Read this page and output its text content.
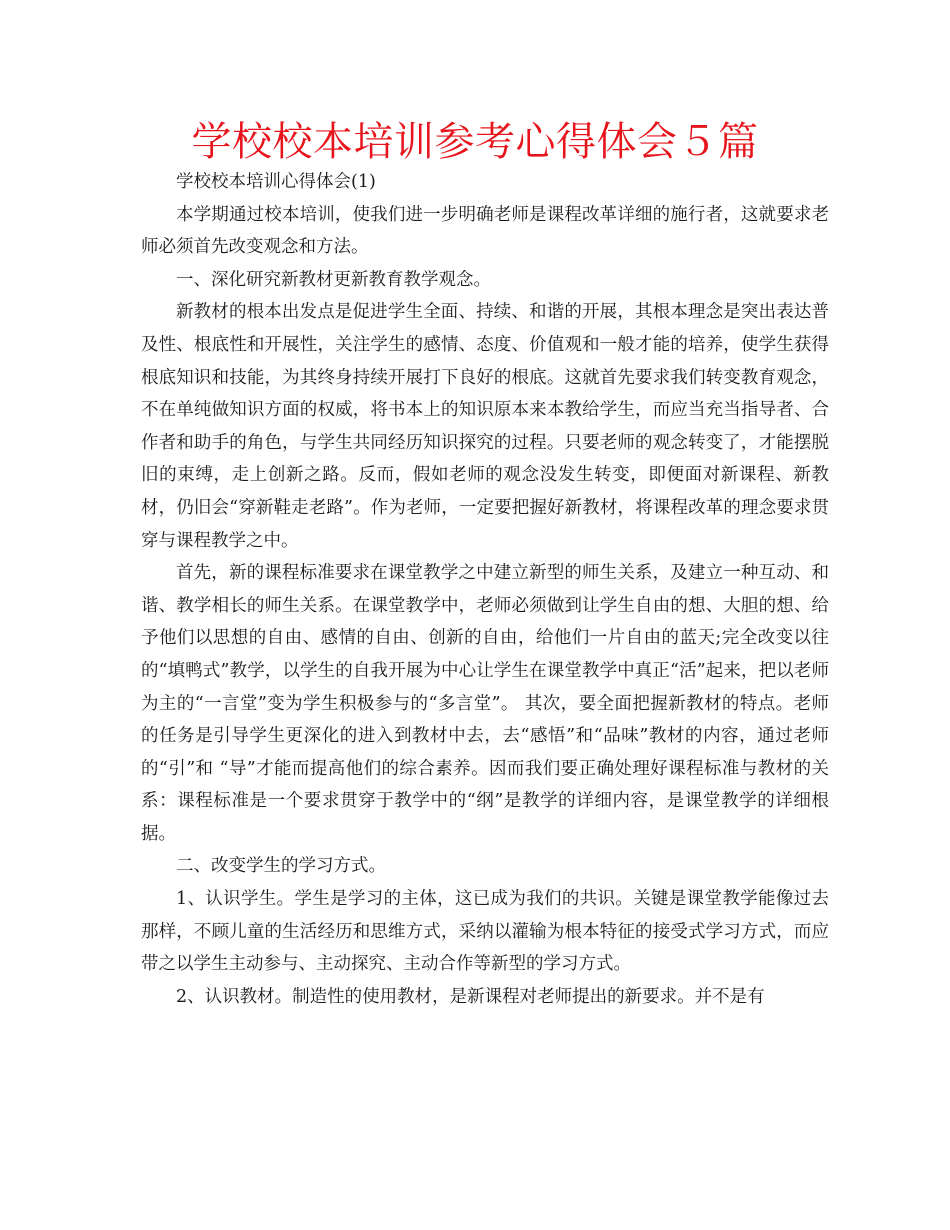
学校校本培训参考心得体会５篇

学校校本培训心得体会(1)

本学期通过校本培训，使我们进一步明确老师是课程改革详细的施行者，这就要求老师必须首先改变观念和方法。

一、深化研究新教材更新教育教学观念。

新教材的根本出发点是促进学生全面、持续、和谐的开展，其根本理念是突出表达普及性、根底性和开展性，关注学生的感情、态度、价值观和一般才能的培养，使学生获得根底知识和技能，为其终身持续开展打下良好的根底。这就首先要求我们转变教育观念，不在单纯做知识方面的权威，将书本上的知识原本来本教给学生，而应当充当指导者、合作者和助手的角色，与学生共同经历知识探究的过程。只要老师的观念转变了，才能摆脱旧的束缚，走上创新之路。反而，假如老师的观念没发生转变，即便面对新课程、新教材，仍旧会“穿新鞋走老路”。作为老师，一定要把握好新教材，将课程改革的理念要求贯穿与课程教学之中。

首先，新的课程标准要求在课堂教学之中建立新型的师生关系，及建立一种互动、和谐、教学相长的师生关系。在课堂教学中，老师必须做到让学生自由的想、大胆的想、给予他们以思想的自由、感情的自由、创新的自由，给他们一片自由的蓝天;完全改变以往的“填鸭式”教学，以学生的自我开展为中心让学生在课堂教学中真正“活”起来，把以老师为主的“一言堂”变为学生积极参与的“多言堂”。 其次，要全面把握新教材的特点。老师的任务是引导学生更深化的进入到教材中去，去“感悟”和“品味”教材的内容，通过老师的“引”和 “导”才能而提高他们的综合素养。因而我们要正确处理好课程标准与教材的关系：课程标准是一个要求贯穿于教学中的“纲”是教学的详细内容，是课堂教学的详细根据。

二、改变学生的学习方式。

1、认识学生。学生是学习的主体，这已成为我们的共识。关键是课堂教学能像过去那样，不顾儿童的生活经历和思维方式，采纳以灌输为根本特征的接受式学习方式，而应带之以学生主动参与、主动探究、主动合作等新型的学习方式。

2、认识教材。制造性的使用教材，是新课程对老师提出的新要求。并不是有
